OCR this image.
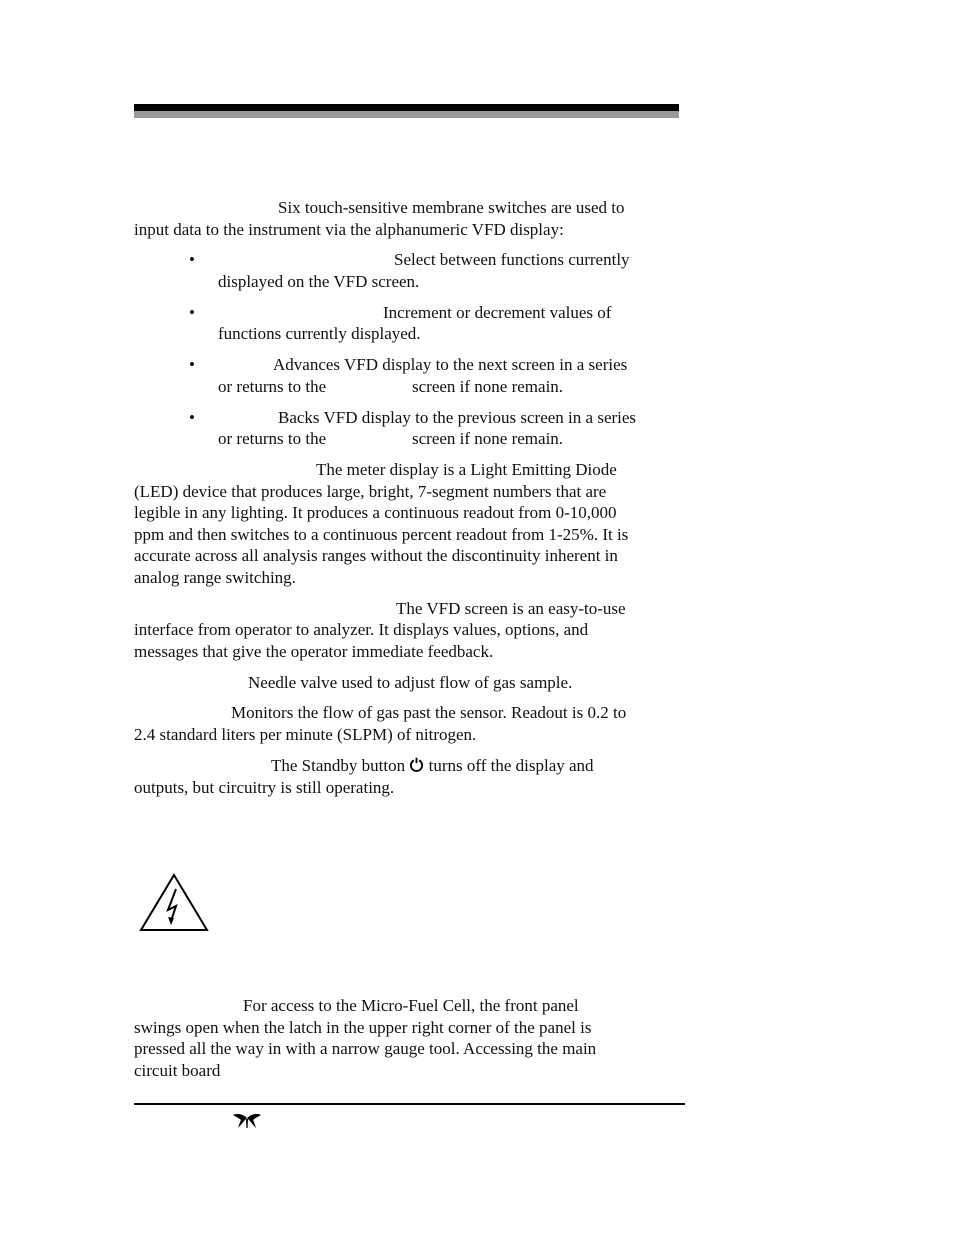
Six touch-sensitive membrane switches are used to

input data to the instrument via the alphanumeric VFD display:

•	Select between functions currently

displayed on the VFD screen.

•	Increment or decrement values of

functions currently displayed.

•	Advances VFD display to the next screen in a series

or returns to the	screen if none remain.

•	Backs VFD display to the previous screen in a series

or returns to the	screen if none remain.

The meter display is a Light Emitting Diode

(LED) device that produces large, bright, 7-segment numbers that are

legible in any lighting. It produces a continuous readout from 0-10,000

ppm and then switches to a continuous percent readout from 1-25%. It is

accurate across all analysis ranges without the discontinuity inherent in

analog range switching.

The VFD screen is an easy-to-use

interface from operator to analyzer. It displays values, options, and

messages that give the operator immediate feedback.

Needle valve used to adjust flow of gas sample.

Monitors the flow of gas past the sensor. Readout is 0.2 to

2.4 standard liters per minute (SLPM) of nitrogen.

The Standby button turns off the display and

outputs, but circuitry is still operating.

For access to the Micro-Fuel Cell, the front panel

swings open when the latch in the upper right corner of the panel is

pressed all the way in with a narrow gauge tool. Accessing the main

circuit board
